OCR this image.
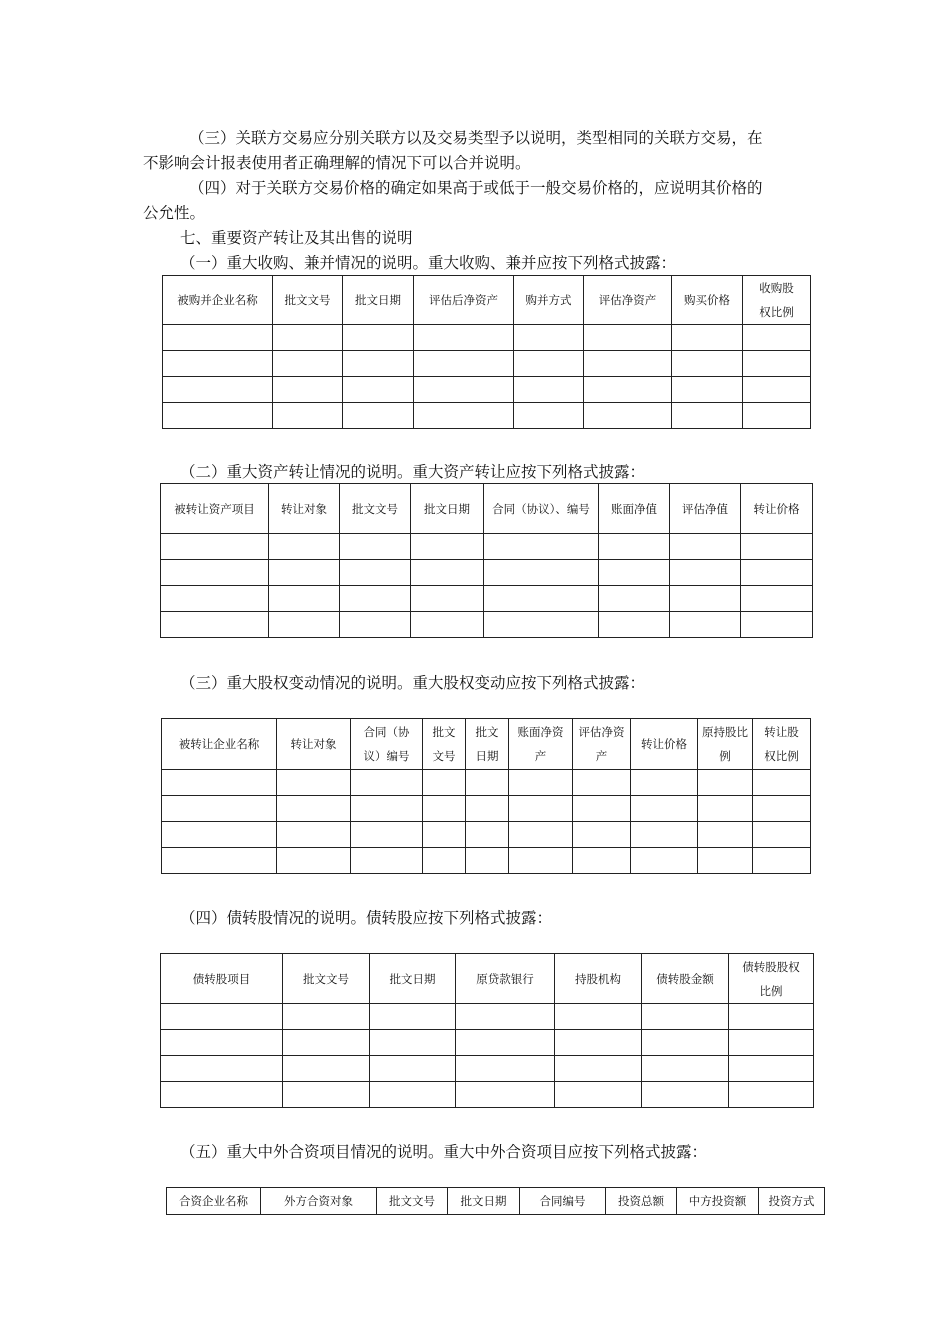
（三）关联方交易应分别关联方以及交易类型予以说明，类型相同的关联方交易，在

不影响会计报表使用者正确理解的情况下可以合并说明。

（四）对于关联方交易价格的确定如果高于或低于一般交易价格的，应说明其价格的

公允性。

七、重要资产转让及其出售的说明

（一）重大收购、兼并情况的说明。重大收购、兼并应按下列格式披露：

被购并企业名称	批文文号	批文日期	评估后净资产	购并方式	评估净资产	购买价格	收购股权比例

（二）重大资产转让情况的说明。重大资产转让应按下列格式披露：

被转让资产项目	转让对象	批文文号	批文日期	合同（协议）、编号	账面净值	评估净值	转让价格

（三）重大股权变动情况的说明。重大股权变动应按下列格式披露：

被转让企业名称	转让对象	合同（协议）编号	批文文号	批文日期	账面净资产	评估净资产	转让价格	原持股比例	转让股权比例

（四）债转股情况的说明。债转股应按下列格式披露：

债转股项目	批文文号	批文日期	原贷款银行	持股机构	债转股金额	债转股股权比例

（五）重大中外合资项目情况的说明。重大中外合资项目应按下列格式披露：

合资企业名称	外方合资对象	批文文号	批文日期	合同编号	投资总额	中方投资额	投资方式
